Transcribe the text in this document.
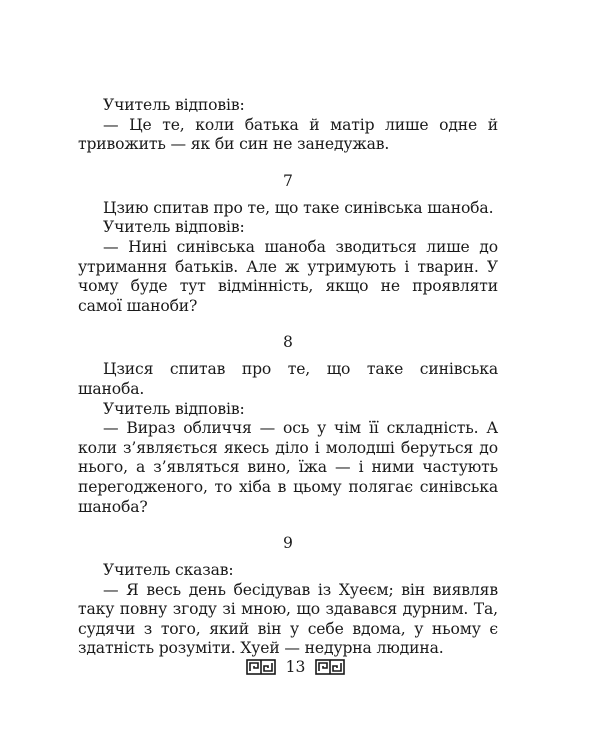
Учитель відповів:

— Це те, коли батька й матір лише одне й тривожить — як би син не занедужав.

7

Цзию спитав про те, що таке синівська шаноба.

Учитель відповів:

— Нині синівська шаноба зводиться лише до утримання батьків. Але ж утримують і тварин. У чому буде тут відмінність, якщо не проявляти самої шаноби?

8

Цзися спитав про те, що таке синівська шаноба.

Учитель відповів:

— Вираз обличчя — ось у чім її складність. А коли з’являється якесь діло і молодші беруться до нього, а з’являться вино, їжа — і ними частують перегодженого, то хіба в цьому полягає синівська шаноба?

9

Учитель сказав:

— Я весь день бесідував із Хуеєм; він виявляв таку повну згоду зі мною, що здавався дурним. Та, судячи з того, який він у себе вдома, у ньому є здатність розуміти. Хуей — недурна людина.

13
